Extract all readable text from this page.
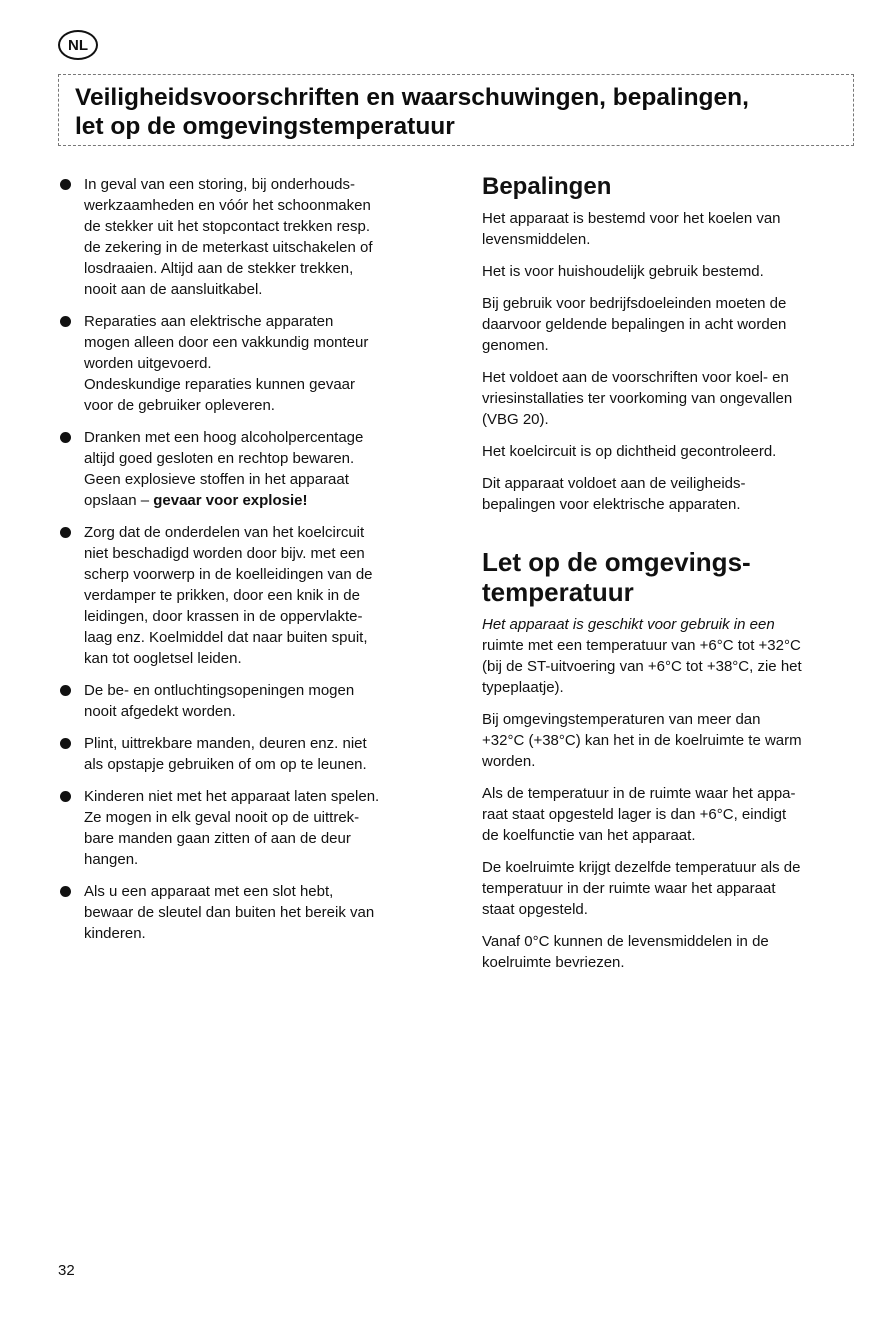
NL
Veiligheidsvoorschriften en waarschuwingen, bepalingen,
let op de omgevingstemperatuur
In geval van een storing, bij onderhouds-
werkzaamheden en vóór het schoonmaken
de stekker uit het stopcontact trekken resp.
de zekering in de meterkast uitschakelen of
losdraaien. Altijd aan de stekker trekken,
nooit aan de aansluitkabel.
Reparaties aan elektrische apparaten
mogen alleen door een vakkundig monteur
worden uitgevoerd.
Ondeskundige reparaties kunnen gevaar
voor de gebruiker opleveren.
Dranken met een hoog alcoholpercentage
altijd goed gesloten en rechtop bewaren.
Geen explosieve stoffen in het apparaat
opslaan – gevaar voor explosie!
Zorg dat de onderdelen van het koelcircuit
niet beschadigd worden door bijv. met een
scherp voorwerp in de koelleidingen van de
verdamper te prikken, door een knik in de
leidingen, door krassen in de oppervlakte-
laag enz. Koelmiddel dat naar buiten spuit,
kan tot oogletsel leiden.
De be- en ontluchtingsopeningen mogen
nooit afgedekt worden.
Plint, uittrekbare manden, deuren enz. niet
als opstapje gebruiken of om op te leunen.
Kinderen niet met het apparaat laten spelen.
Ze mogen in elk geval nooit op de uittrek-
bare manden gaan zitten of aan de deur
hangen.
Als u een apparaat met een slot hebt,
bewaar de sleutel dan buiten het bereik van
kinderen.
Bepalingen

Het apparaat is bestemd voor het koelen van
levensmiddelen.

Het is voor huishoudelijk gebruik bestemd.

Bij gebruik voor bedrijfsdoeleinden moeten de
daarvoor geldende bepalingen in acht worden
genomen.

Het voldoet aan de voorschriften voor koel- en
vriesinstallaties ter voorkoming van ongevallen
(VBG 20).

Het koelcircuit is op dichtheid gecontroleerd.

Dit apparaat voldoet aan de veiligheids-
bepalingen voor elektrische apparaten.

Let op de omgevings-
temperatuur

Het apparaat is geschikt voor gebruik in een
ruimte met een temperatuur van +6°C tot +32°C
(bij de ST-uitvoering van +6°C tot +38°C, zie het
typeplaatje).

Bij omgevingstemperaturen van meer dan
+32°C (+38°C) kan het in de koelruimte te warm
worden.

Als de temperatuur in de ruimte waar het appa-
raat staat opgesteld lager is dan +6°C, eindigt
de koelfunctie van het apparaat.

De koelruimte krijgt dezelfde temperatuur als de
temperatuur in der ruimte waar het apparaat
staat opgesteld.

Vanaf 0°C kunnen de levensmiddelen in de
koelruimte bevriezen.

32
